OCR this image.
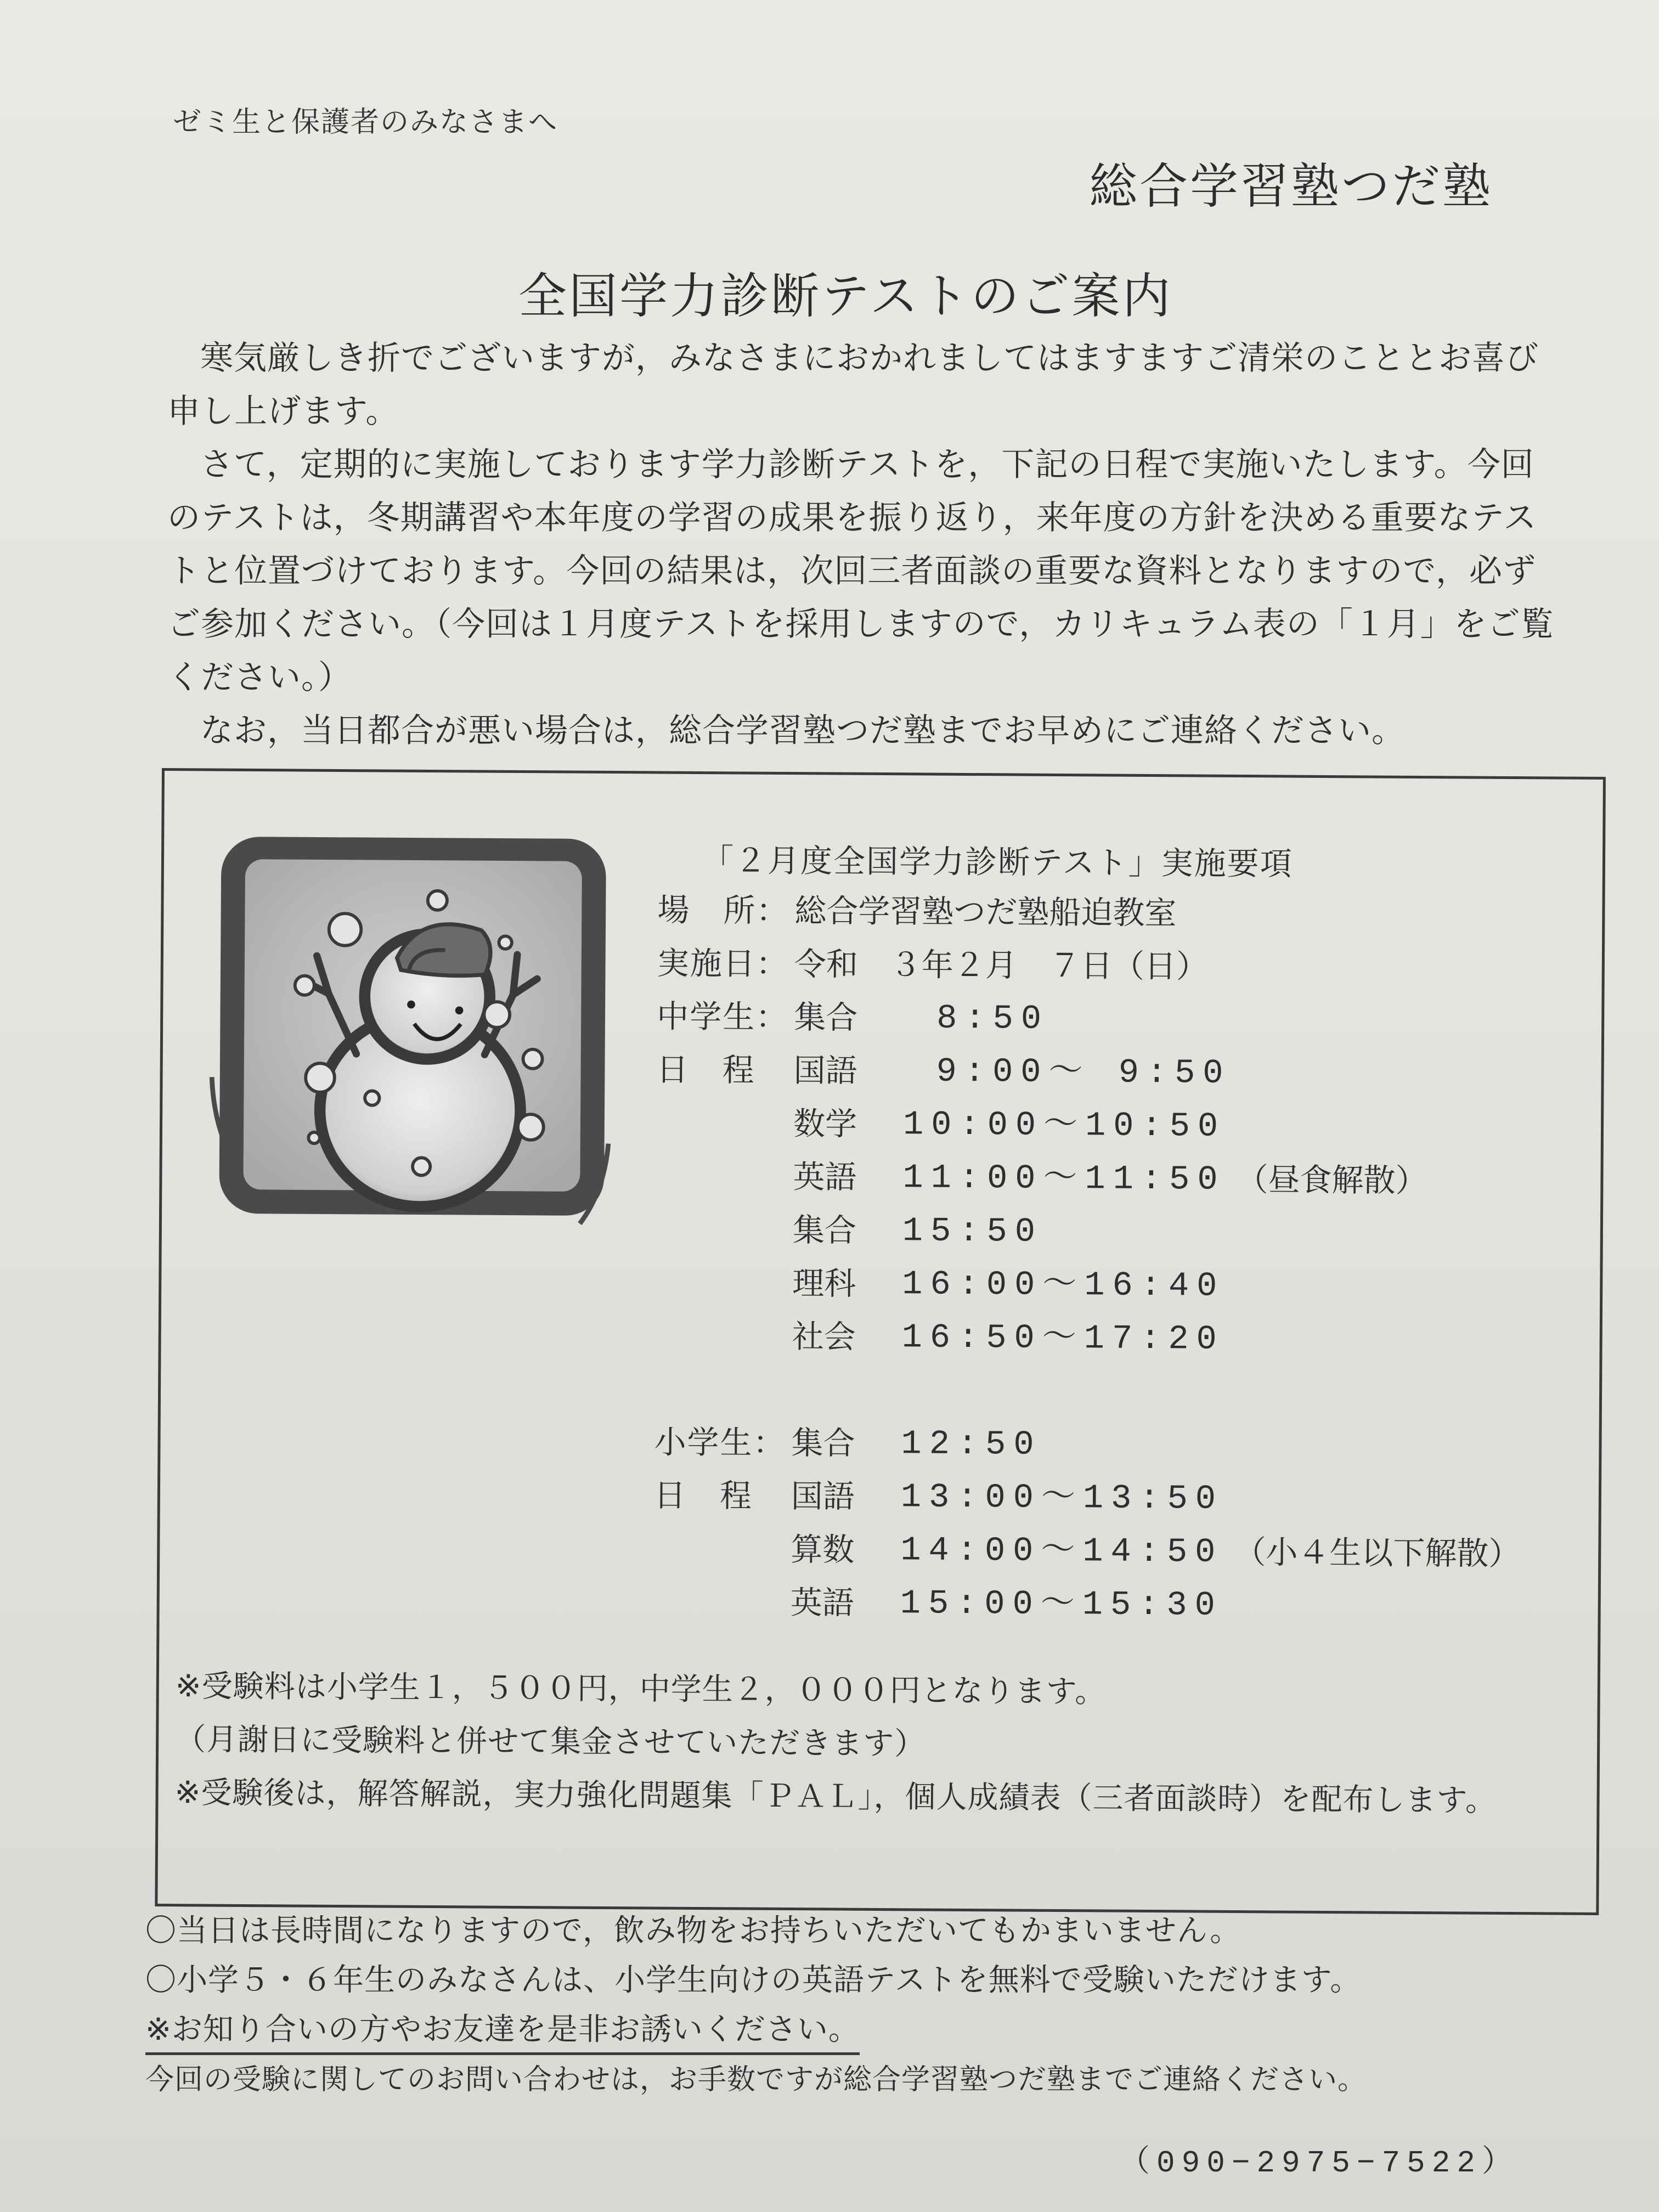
ゼミ生と保護者のみなさまへ
総合学習塾つだ塾
全国学力診断テストのご案内

寒気厳しき折でございますが，みなさまにおかれましてはますますご清栄のこととお喜び申し上げます。

さて，定期的に実施しております学力診断テストを，下記の日程で実施いたします。今回のテストは，冬期講習や本年度の学習の成果を振り返り，来年度の方針を決める重要なテストと位置づけております。今回の結果は，次回三者面談の重要な資料となりますので，必ずご参加ください。（今回は１月度テストを採用しますので，カリキュラム表の「１月」をご覧ください。）

なお，当日都合が悪い場合は，総合学習塾つだ塾までお早めにご連絡ください。

「２月度全国学力診断テスト」実施要項
場　所： 総合学習塾つだ塾船迫教室
実施日： 令和　３年２月　７日（日）
中学生： 集合	8:50
日　程	国語	9:00〜 9:50
数学	10:00〜10:50
英語	11:00〜11:50 （昼食解散）
集合	15:50
理科	16:00〜16:40
社会	16:50〜17:20
小学生： 集合	12:50
日　程	国語	13:00〜13:50
算数	14:00〜14:50 （小４生以下解散）
英語	15:00〜15:30

※受験料は小学生１，５００円，中学生２，０００円となります。

（月謝日に受験料と併せて集金させていただきます）

※受験後は，解答解説，実力強化問題集「ＰＡＬ」，個人成績表（三者面談時）を配布します。

〇当日は長時間になりますので，飲み物をお持ちいただいてもかまいません。

〇小学５・６年生のみなさんは、小学生向けの英語テストを無料で受験いただけます。

※お知り合いの方やお友達を是非お誘いください。

今回の受験に関してのお問い合わせは，お手数ですが総合学習塾つだ塾までご連絡ください。

（090−2975−7522）
